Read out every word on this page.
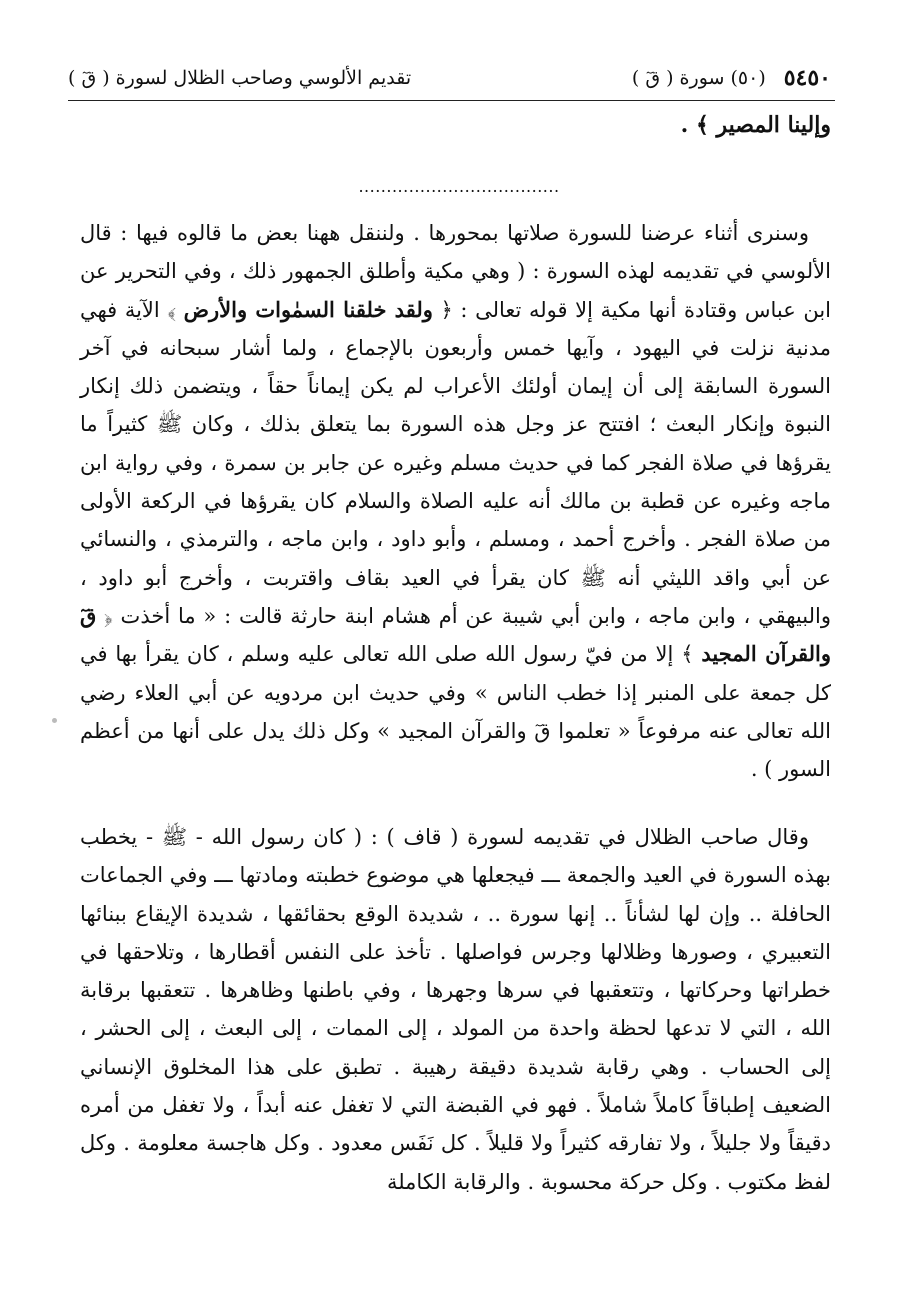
٥٤٥٠
(٥٠) سورة ( قٓ )
تقديم الألوسي وصاحب الظلال لسورة ( قٓ )
وإلينا المصير ﴾ .
....................................
وسنرى أثناء عرضنا للسورة صلاتها بمحورها . ولننقل ههنا بعض ما قالوه فيها : قال الألوسي في تقديمه لهذه السورة : ( وهي مكية وأطلق الجمهور ذلك ، وفي التحرير عن ابن عباس وقتادة أنها مكية إلا قوله تعالى : ﴿ ولقد خلقنا السمٰوات والأرض ﴾ الآية فهي مدنية نزلت في اليهود ، وآيها خمس وأربعون بالإجماع ، ولما أشار سبحانه في آخر السورة السابقة إلى أن إيمان أولئك الأعراب لم يكن إيماناً حقاً ، ويتضمن ذلك إنكار النبوة وإنكار البعث ؛ افتتح عز وجل هذه السورة بما يتعلق بذلك ، وكان ﷺ كثيراً ما يقرؤها في صلاة الفجر كما في حديث مسلم وغيره عن جابر بن سمرة ، وفي رواية ابن ماجه وغيره عن قطبة بن مالك أنه عليه الصلاة والسلام كان يقرؤها في الركعة الأولى من صلاة الفجر . وأخرج أحمد ، ومسلم ، وأبو داود ، وابن ماجه ، والترمذي ، والنسائي عن أبي واقد الليثي أنه ﷺ كان يقرأ في العيد بقاف واقتربت ، وأخرج أبو داود ، والبيهقي ، وابن ماجه ، وابن أبي شيبة عن أم هشام ابنة حارثة قالت : « ما أخذت ﴿ قٓ والقرآن المجيد ﴾ إلا من فيّ رسول الله صلى الله تعالى عليه وسلم ، كان يقرأ بها في كل جمعة على المنبر إذا خطب الناس » وفي حديث ابن مردويه عن أبي العلاء رضي الله تعالى عنه مرفوعاً « تعلموا قٓ والقرآن المجيد » وكل ذلك يدل على أنها من أعظم السور ) .
وقال صاحب الظلال في تقديمه لسورة ( قاف ) : ( كان رسول الله - ﷺ - يخطب بهذه السورة في العيد والجمعة ـــ فيجعلها هي موضوع خطبته ومادتها ـــ وفي الجماعات الحافلة .. وإن لها لشأناً .. إنها سورة .. ، شديدة الوقع بحقائقها ، شديدة الإيقاع ببنائها التعبيري ، وصورها وظلالها وجرس فواصلها . تأخذ على النفس أقطارها ، وتلاحقها في خطراتها وحركاتها ، وتتعقبها في سرها وجهرها ، وفي باطنها وظاهرها . تتعقبها برقابة الله ، التي لا تدعها لحظة واحدة من المولد ، إلى الممات ، إلى البعث ، إلى الحشر ، إلى الحساب . وهي رقابة شديدة دقيقة رهيبة . تطبق على هذا المخلوق الإنساني الضعيف إطباقاً كاملاً شاملاً . فهو في القبضة التي لا تغفل عنه أبداً ، ولا تغفل من أمره دقيقاً ولا جليلاً ، ولا تفارقه كثيراً ولا قليلاً . كل نَفَس معدود . وكل هاجسة معلومة . وكل لفظ مكتوب . وكل حركة محسوبة . والرقابة الكاملة
